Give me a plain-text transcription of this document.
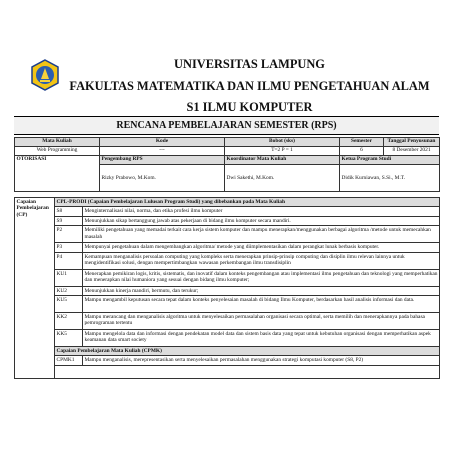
UNIVERSITAS LAMPUNG
FAKULTAS MATEMATIKA DAN ILMU PENGETAHUAN ALAM
S1 ILMU KOMPUTER
RENCANA PEMBELAJARAN SEMESTER (RPS)
Mata Kuliah	Kode	Bobot (sks)	Semester	Tanggal Penyusunan
Web Programming	---	T=2 P = 1	6	8 Desember 2021
OTORISASI	Pengembang RPS	Koordinator Mata Kuliah	Ketua Program Studi	
	Rizky Prabowo, M.Kom.	Dwi Sakethi, M.Kom.	Didik Kurniawan, S.Si., M.T.	
Capaian Pembelajaran (CP)	CPL-PRODI (Capaian Pembelajaran Lulusan Program Studi) yang dibebankan pada Mata Kuliah	
	S8	Menginternalisasi nilai, norma, dan etika profesi ilmu komputer
	S9	Menunjukkan sikap bertanggung jawab atas pekerjaan di bidang ilmu komputer secara mandiri.
	P2	Memiliki pengetahuan yang memadai terkait cara kerja sistem komputer dan mampu menerapkan/menggunakan berbagai algoritma /metode untuk memecahkan masalah
	P3	Mempunyai pengetahuan dalam mengembangkan algoritma/ metode yang diimplementasikan dalam perangkat lunak berbasis komputer.
	P4	Kemampuan menganalisis persoalan computing yang kompleks serta menerapkan prinsip-prinsip computing dan disiplin ilmu relevan lainnya untuk mengidentifikasi solusi, dengan mempertimbangkan wawasan perkembangan ilmu transdisiplin
	KU1	Menerapkan pemikiran logis, kritis, sistematis, dan inovatif dalam konteks pengembangan atau implementasi ilmu pengetahuan dan teknologi yang memperhatikan dan menerapkan nilai humaniora yang sesuai dengan bidang ilmu komputer;
	KU2	Menunjukkan kinerja mandiri, bermutu, dan terukur;
	KU5	Mampu mengambil keputusan secara tepat dalam konteks penyelesaian masalah di bidang Ilmu Komputer, berdasarkan hasil analisis informasi dan data.
	KK2	Mampu merancang dan menganalisis algoritma untuk menyelesaikan permasalahan organisasi secara optimal, serta memilih dan menerapkannya pada bahasa pemrograman tertentu
	KK5	Mampu mengelola data dan informasi dengan pendekatan model data dan sistem basis data yang tepat untuk kebutuhan organisasi dengan memperhatikan aspek keamanan data smart society
	Capaian Pembelajaran Mata Kuliah (CPMK)	
	CPMK1	Mampu menganalisis, merepresentasikan serta menyelesaikan permasalahan menggunakan strategi komputasi komputer (S8, P2)
